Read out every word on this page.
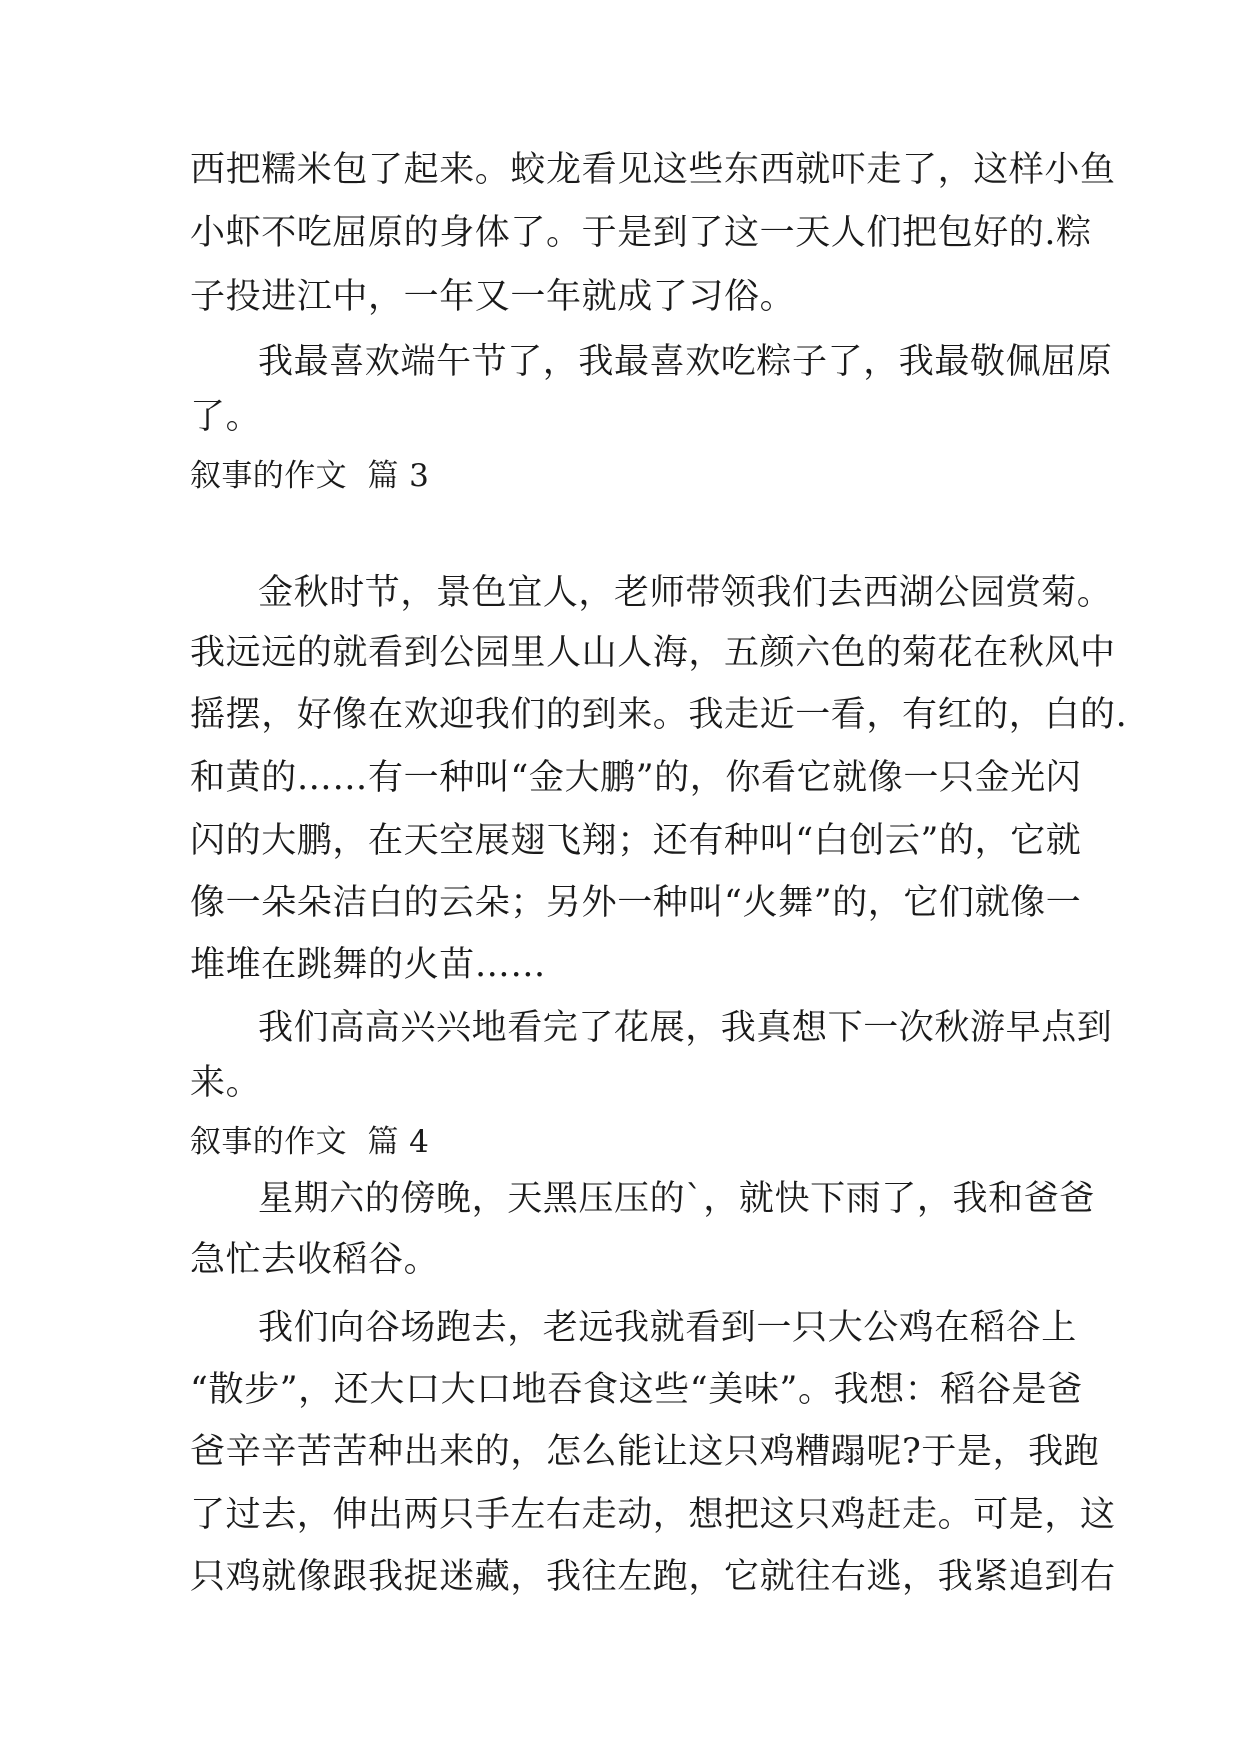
西把糯米包了起来。蛟龙看见这些东西就吓走了，这样小鱼
小虾不吃屈原的身体了。于是到了这一天人们把包好的.粽
子投进江中，一年又一年就成了习俗。
我最喜欢端午节了，我最喜欢吃粽子了，我最敬佩屈原
了。
叙事的作文  篇 3
金秋时节，景色宜人，老师带领我们去西湖公园赏菊。
我远远的就看到公园里人山人海，五颜六色的菊花在秋风中
摇摆，好像在欢迎我们的到来。我走近一看，有红的，白的.
和黄的……有一种叫“金大鹏”的，你看它就像一只金光闪
闪的大鹏，在天空展翅飞翔；还有种叫“白创云”的，它就
像一朵朵洁白的云朵；另外一种叫“火舞”的，它们就像一
堆堆在跳舞的火苗……
我们高高兴兴地看完了花展，我真想下一次秋游早点到
来。
叙事的作文  篇 4
星期六的傍晚，天黑压压的`，就快下雨了，我和爸爸
急忙去收稻谷。
我们向谷场跑去，老远我就看到一只大公鸡在稻谷上
“散步”，还大口大口地吞食这些“美味”。我想：稻谷是爸
爸辛辛苦苦种出来的，怎么能让这只鸡糟蹋呢?于是，我跑
了过去，伸出两只手左右走动，想把这只鸡赶走。可是，这
只鸡就像跟我捉迷藏，我往左跑，它就往右逃，我紧追到右
